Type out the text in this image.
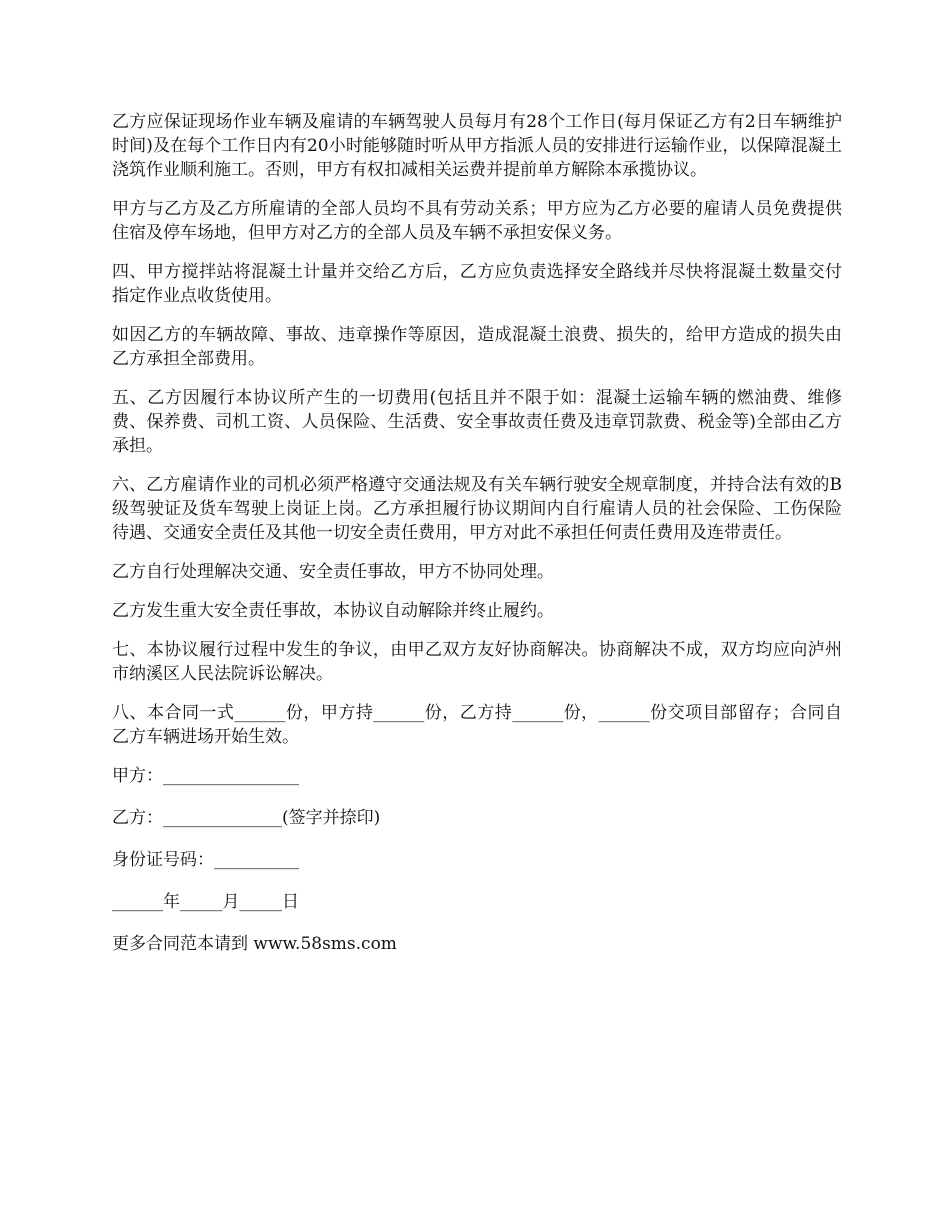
乙方应保证现场作业车辆及雇请的车辆驾驶人员每月有28个工作日(每月保证乙方有2日车辆维护时间)及在每个工作日内有20小时能够随时听从甲方指派人员的安排进行运输作业，以保障混凝土浇筑作业顺利施工。否则，甲方有权扣减相关运费并提前单方解除本承揽协议。

甲方与乙方及乙方所雇请的全部人员均不具有劳动关系；甲方应为乙方必要的雇请人员免费提供住宿及停车场地，但甲方对乙方的全部人员及车辆不承担安保义务。

四、甲方搅拌站将混凝土计量并交给乙方后，乙方应负责选择安全路线并尽快将混凝土数量交付指定作业点收货使用。

如因乙方的车辆故障、事故、违章操作等原因，造成混凝土浪费、损失的，给甲方造成的损失由乙方承担全部费用。

五、乙方因履行本协议所产生的一切费用(包括且并不限于如：混凝土运输车辆的燃油费、维修费、保养费、司机工资、人员保险、生活费、安全事故责任费及违章罚款费、税金等)全部由乙方承担。

六、乙方雇请作业的司机必须严格遵守交通法规及有关车辆行驶安全规章制度，并持合法有效的B级驾驶证及货车驾驶上岗证上岗。乙方承担履行协议期间内自行雇请人员的社会保险、工伤保险待遇、交通安全责任及其他一切安全责任费用，甲方对此不承担任何责任费用及连带责任。

乙方自行处理解决交通、安全责任事故，甲方不协同处理。

乙方发生重大安全责任事故，本协议自动解除并终止履约。

七、本协议履行过程中发生的争议，由甲乙双方友好协商解决。协商解决不成，双方均应向泸州市纳溪区人民法院诉讼解决。

八、本合同一式______份，甲方持______份，乙方持______份，______份交项目部留存；合同自乙方车辆进场开始生效。

甲方：________________

乙方：______________(签字并捺印)

身份证号码：__________

______年_____月_____日

更多合同范本请到 www.58sms.com
